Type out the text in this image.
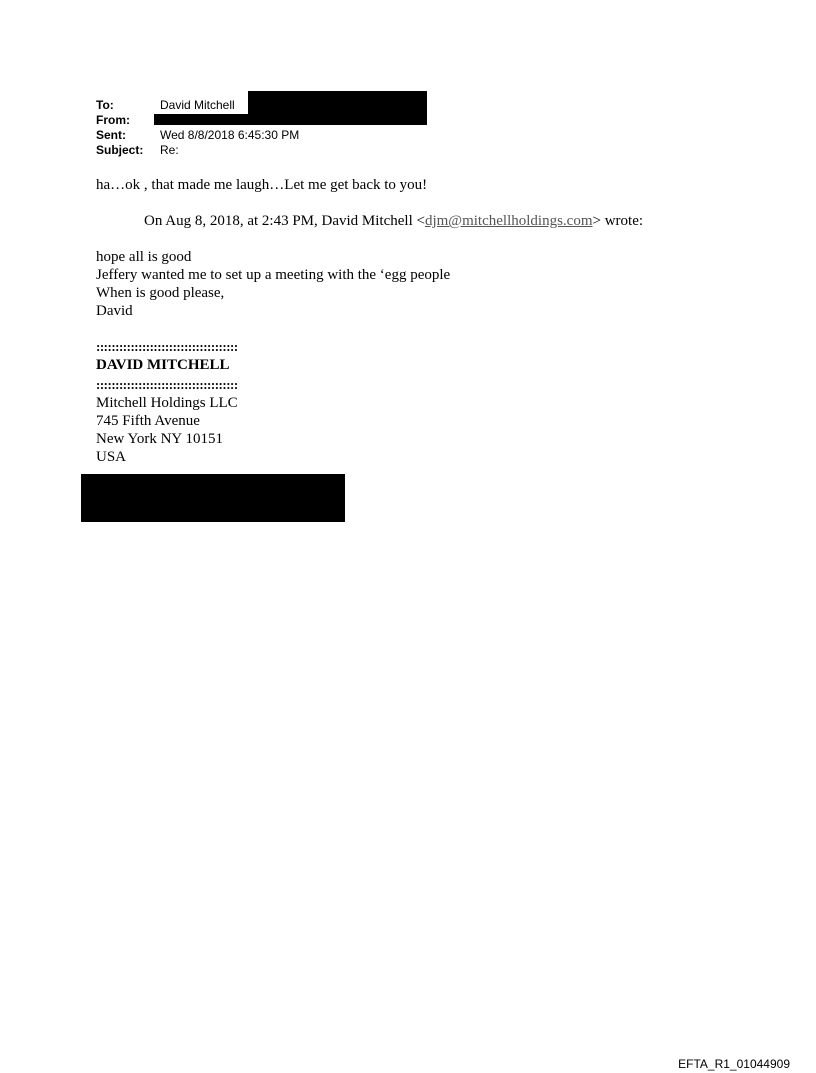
To:	David Mitchell
From:
Sent:	Wed 8/8/2018 6:45:30 PM
Subject: Re:
ha…ok , that made me laugh…Let me get back to you!
On Aug 8, 2018, at 2:43 PM, David Mitchell <djm@mitchellholdings.com> wrote:
hope all is good
Jeffery wanted me to set up a meeting with the ‘egg people
When is good please,
David
:::::::::::::::::::::::::::::::::::::
DAVID MITCHELL
:::::::::::::::::::::::::::::::::::::
Mitchell Holdings LLC
745 Fifth Avenue
New York NY 10151
USA
EFTA_R1_01044909
